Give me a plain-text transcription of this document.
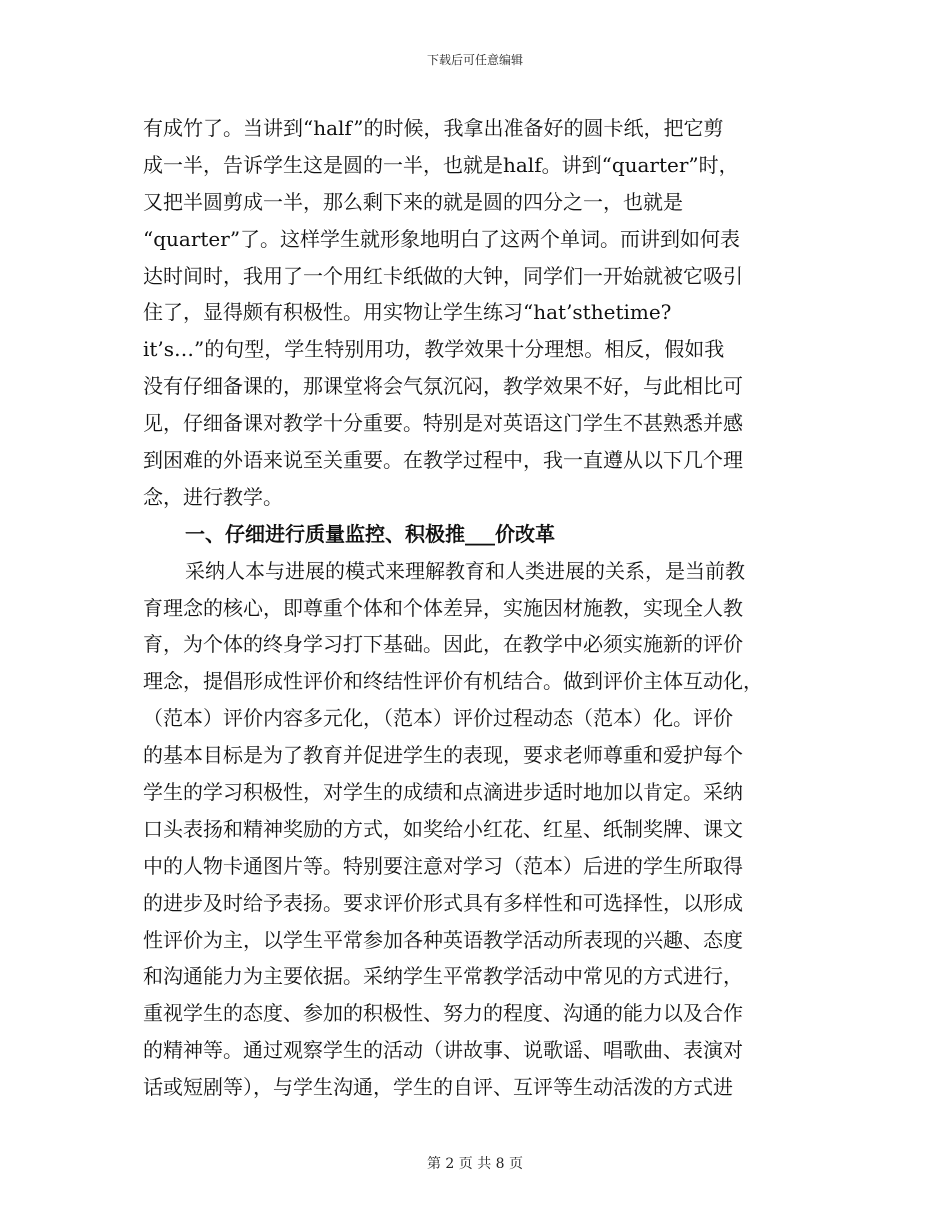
下载后可任意编辑
有成竹了。当讲到“half”的时候，我拿出准备好的圆卡纸，把它剪
成一半，告诉学生这是圆的一半，也就是half。讲到“quarter”时，
又把半圆剪成一半，那么剩下来的就是圆的四分之一，也就是
“quarter”了。这样学生就形象地明白了这两个单词。而讲到如何表
达时间时，我用了一个用红卡纸做的大钟，同学们一开始就被它吸引
住了，显得颇有积极性。用实物让学生练习“hat’sthetime?
it’s…”的句型，学生特别用功，教学效果十分理想。相反，假如我
没有仔细备课的，那课堂将会气氛沉闷，教学效果不好，与此相比可
见，仔细备课对教学十分重要。特别是对英语这门学生不甚熟悉并感
到困难的外语来说至关重要。在教学过程中，我一直遵从以下几个理
念，进行教学。
一、仔细进行质量监控、积极推___价改革
采纳人本与进展的模式来理解教育和人类进展的关系，是当前教
育理念的核心，即尊重个体和个体差异，实施因材施教，实现全人教
育，为个体的终身学习打下基础。因此，在教学中必须实施新的评价
理念，提倡形成性评价和终结性评价有机结合。做到评价主体互动化，
（范本）评价内容多元化，（范本）评价过程动态（范本）化。评价
的基本目标是为了教育并促进学生的表现，要求老师尊重和爱护每个
学生的学习积极性，对学生的成绩和点滴进步适时地加以肯定。采纳
口头表扬和精神奖励的方式，如奖给小红花、红星、纸制奖牌、课文
中的人物卡通图片等。特别要注意对学习（范本）后进的学生所取得
的进步及时给予表扬。要求评价形式具有多样性和可选择性，以形成
性评价为主，以学生平常参加各种英语教学活动所表现的兴趣、态度
和沟通能力为主要依据。采纳学生平常教学活动中常见的方式进行，
重视学生的态度、参加的积极性、努力的程度、沟通的能力以及合作
的精神等。通过观察学生的活动（讲故事、说歌谣、唱歌曲、表演对
话或短剧等），与学生沟通，学生的自评、互评等生动活泼的方式进
第 2 页 共 8 页
